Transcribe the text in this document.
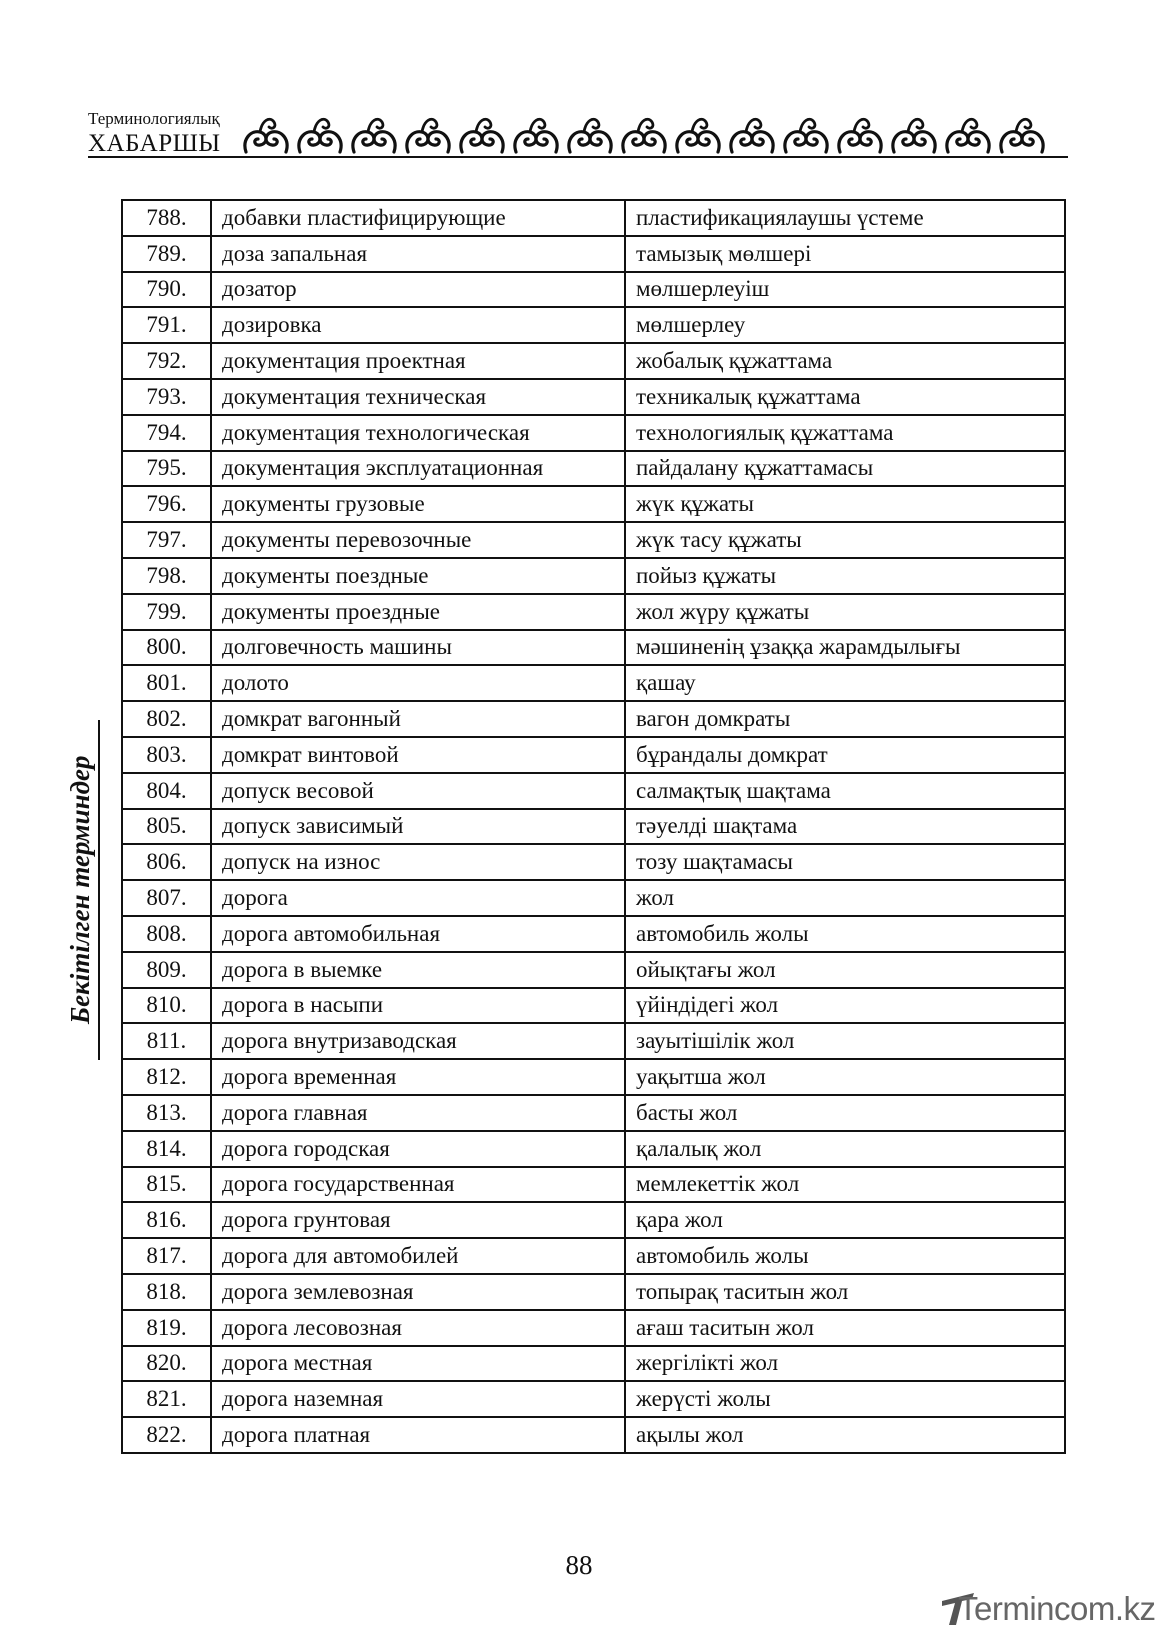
Терминологиялық
ХАБАРШЫ
Бекітілген терминдер
788.	добавки пластифицирующие	пластификациялаушы үстеме
789.	доза запальная	тамызық мөлшері
790.	дозатор	мөлшерлеуіш
791.	дозировка	мөлшерлеу
792.	документация проектная	жобалық құжаттама
793.	документация техническая	техникалық құжаттама
794.	документация технологическая	технологиялық құжаттама
795.	документация эксплуатационная	пайдалану құжаттамасы
796.	документы грузовые	жүк құжаты
797.	документы перевозочные	жүк тасу құжаты
798.	документы поездные	пойыз құжаты
799.	документы проездные	жол жүру құжаты
800.	долговечность машины	мәшиненің ұзаққа жарамдылығы
801.	долото	қашау
802.	домкрат вагонный	вагон домкраты
803.	домкрат винтовой	бұрандалы домкрат
804.	допуск весовой	салмақтық шақтама
805.	допуск зависимый	тәуелді шақтама
806.	допуск на износ	тозу шақтамасы
807.	дорога	жол
808.	дорога автомобильная	автомобиль жолы
809.	дорога в выемке	ойықтағы жол
810.	дорога в насыпи	үйіндідегі жол
811.	дорога внутризаводская	зауытішілік жол
812.	дорога временная	уақытша жол
813.	дорога главная	басты жол
814.	дорога городская	қалалық жол
815.	дорога государственная	мемлекеттік жол
816.	дорога грунтовая	қара жол
817.	дорога для автомобилей	автомобиль жолы
818.	дорога землевозная	топырақ таситын жол
819.	дорога лесовозная	ағаш таситын жол
820.	дорога местная	жергілікті жол
821.	дорога наземная	жерүсті жолы
822.	дорога платная	ақылы жол
88
Termincom.kz
